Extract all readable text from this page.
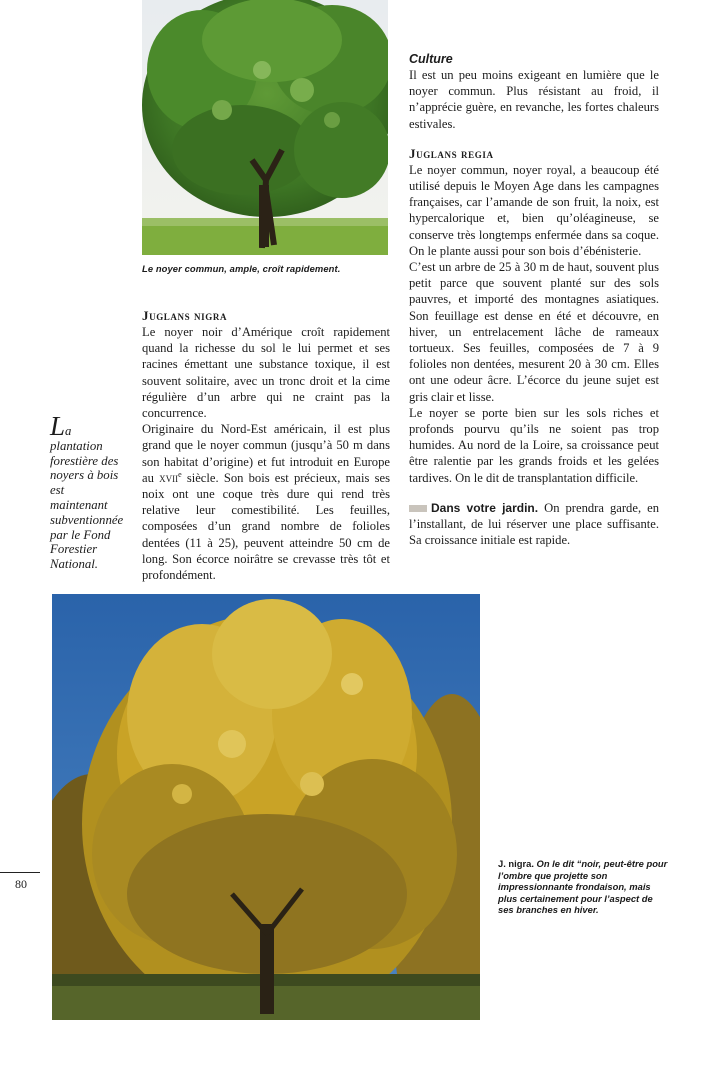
Le noyer commun, ample, croît rapidement.
Juglans nigra

Le noyer noir d’Amérique croît rapidement quand la richesse du sol le lui permet et ses racines émettant une substance toxique, il est souvent solitaire, avec un tronc droit et la cime régulière d’un arbre qui ne craint pas la concurrence.

Originaire du Nord-Est américain, il est plus grand que le noyer commun (jusqu’à 50 m dans son habitat d’origine) et fut introduit en Europe au xvii$^e$ siècle. Son bois est précieux, mais ses noix ont une coque très dure qui rend très relative leur comestibilité. Les feuilles, composées d’un grand nombre de folioles dentées (11 à 25), peuvent atteindre 50 cm de long. Son écorce noirâtre se crevasse très tôt et profondément.

La plantation forestière des noyers à bois est maintenant subventionnée par le Fond Forestier National.
Culture

Il est un peu moins exigeant en lumière que le noyer commun. Plus résistant au froid, il n’apprécie guère, en revanche, les fortes chaleurs estivales.

Juglans regia

Le noyer commun, noyer royal, a beaucoup été utilisé depuis le Moyen Age dans les campagnes françaises, car l’amande de son fruit, la noix, est hypercalorique et, bien qu’oléagineuse, se conserve très longtemps enfermée dans sa coque. On le plante aussi pour son bois d’ébénisterie.

C’est un arbre de 25 à 30 m de haut, souvent plus petit parce que souvent planté sur des sols pauvres, et importé des montagnes asiatiques. Son feuillage est dense en été et découvre, en hiver, un entrelacement lâche de rameaux tortueux. Ses feuilles, composées de 7 à 9 folioles non dentées, mesurent 20 à 30 cm. Elles ont une odeur âcre. L’écorce du jeune sujet est gris clair et lisse.

Le noyer se porte bien sur les sols riches et profonds pourvu qu’ils ne soient pas trop humides. Au nord de la Loire, sa croissance peut être ralentie par les grands froids et les gelées tardives. On le dit de transplantation difficile.

Dans votre jardin. On prendra garde, en l’installant, de lui réserver une place suffisante. Sa croissance initiale est rapide.

J. nigra. On le dit “noir, peut-être pour l’ombre que projette son impressionnante frondaison, mais plus certainement pour l’aspect de ses branches en hiver.
80
